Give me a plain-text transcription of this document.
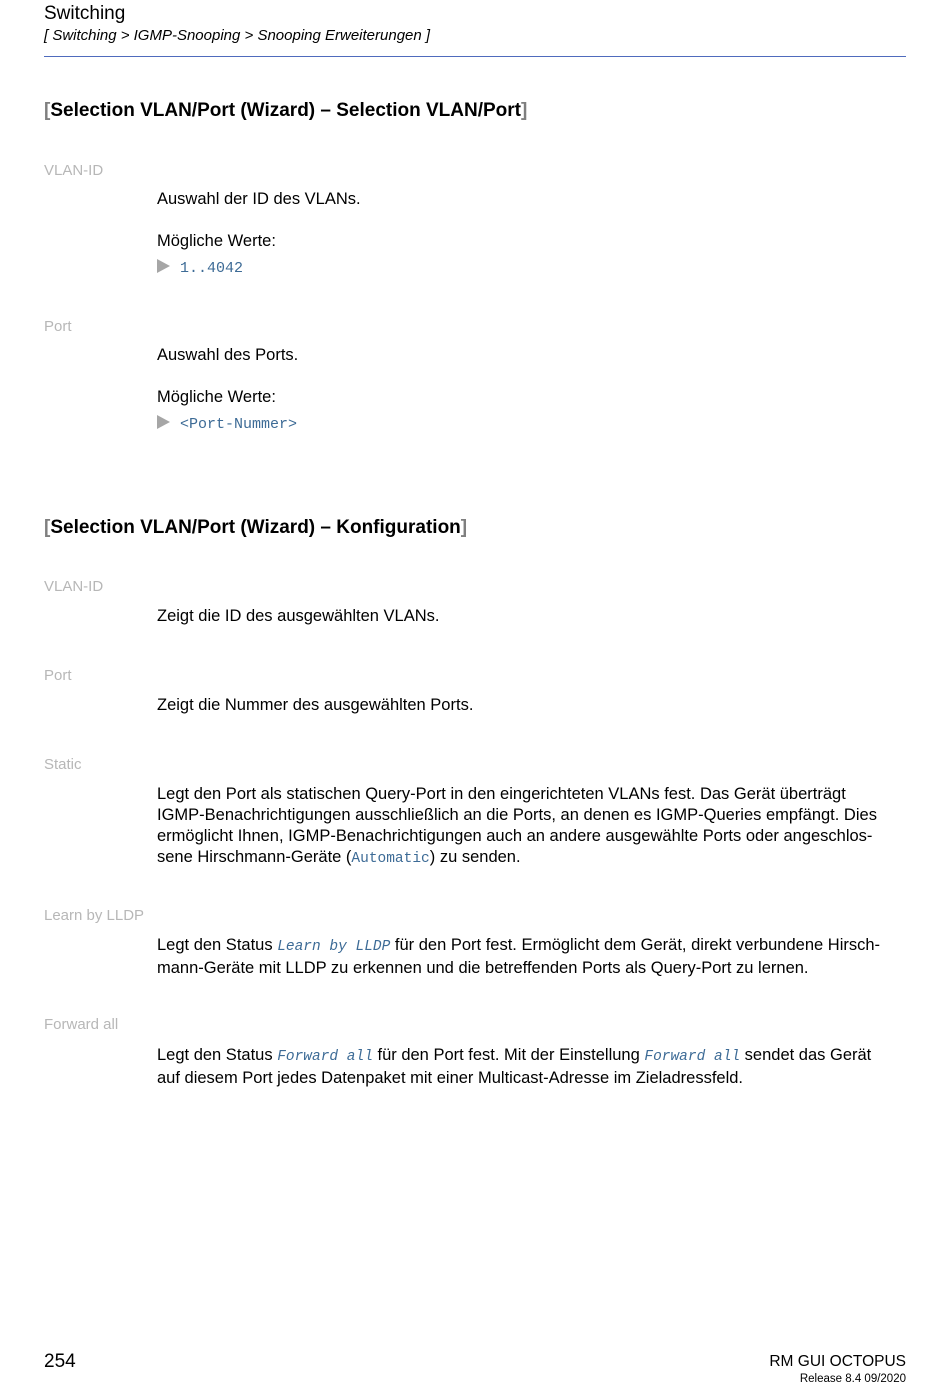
Switching
[ Switching > IGMP-Snooping > Snooping Erweiterungen ]
[Selection VLAN/Port (Wizard) – Selection VLAN/Port]
VLAN-ID
Auswahl der ID des VLANs.
Mögliche Werte:
1..4042
Port
Auswahl des Ports.
Mögliche Werte:
<Port-Nummer>
[Selection VLAN/Port (Wizard) – Konfiguration]
VLAN-ID
Zeigt die ID des ausgewählten VLANs.
Port
Zeigt die Nummer des ausgewählten Ports.
Static
Legt den Port als statischen Query-Port in den eingerichteten VLANs fest. Das Gerät überträgt
IGMP-Benachrichtigungen ausschließlich an die Ports, an denen es IGMP-Queries empfängt. Dies
ermöglicht Ihnen, IGMP-Benachrichtigungen auch an andere ausgewählte Ports oder angeschlos-
sene Hirschmann-Geräte (Automatic) zu senden.
Learn by LLDP
Legt den Status Learn by LLDP für den Port fest. Ermöglicht dem Gerät, direkt verbundene Hirsch-
mann-Geräte mit LLDP zu erkennen und die betreffenden Ports als Query-Port zu lernen.
Forward all
Legt den Status Forward all für den Port fest. Mit der Einstellung Forward all sendet das Gerät
auf diesem Port jedes Datenpaket mit einer Multicast-Adresse im Zieladressfeld.
254	RM GUI OCTOPUS
Release 8.4 09/2020
